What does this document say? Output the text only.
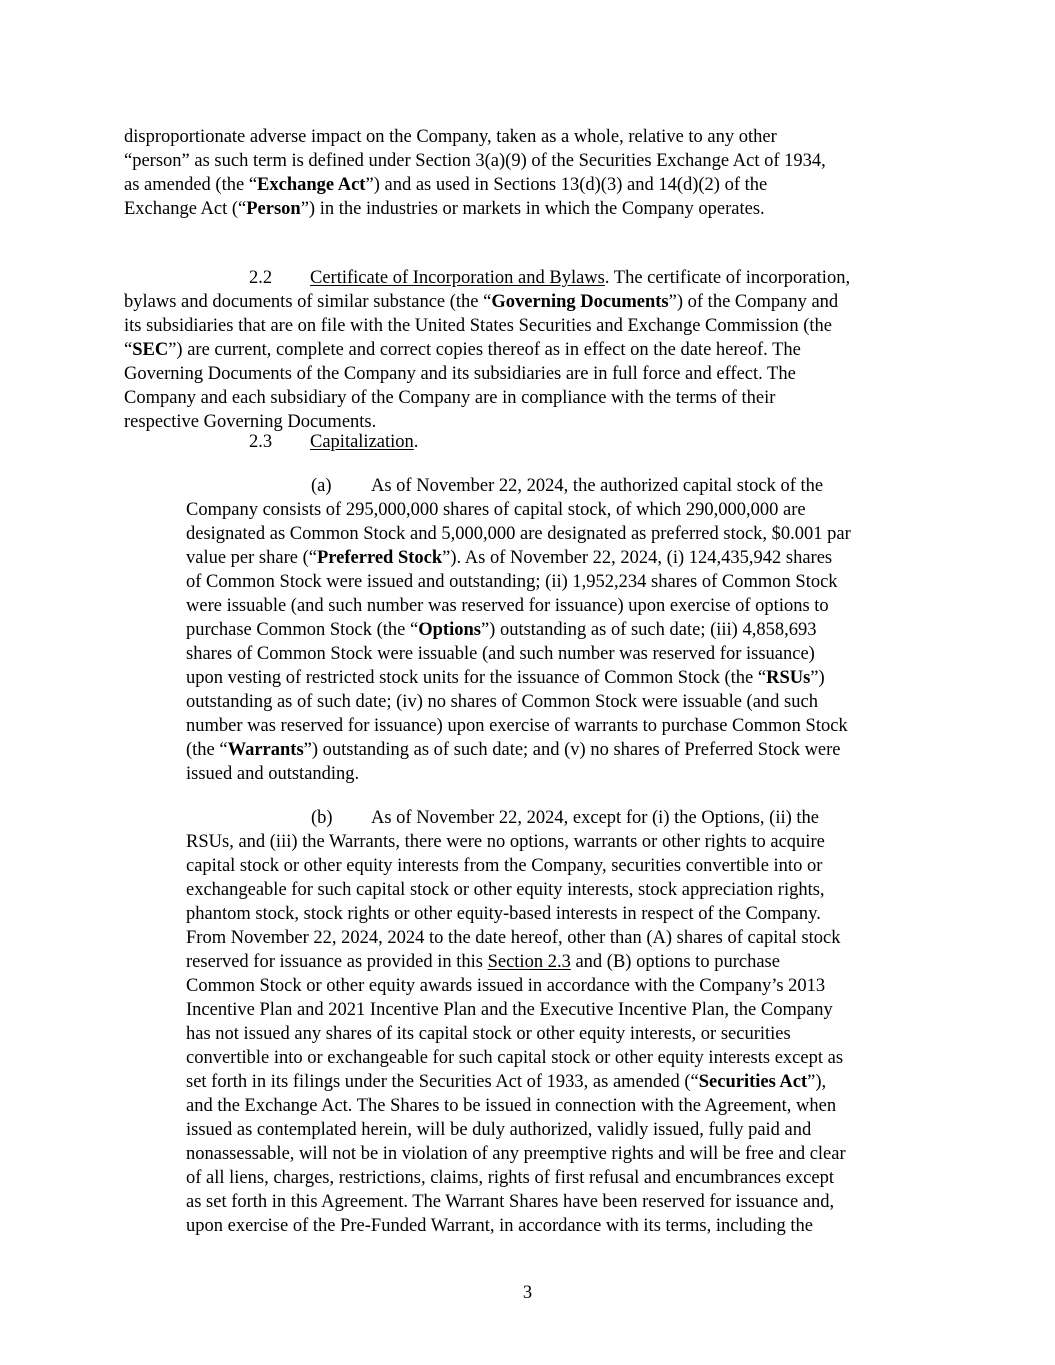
disproportionate adverse impact on the Company, taken as a whole, relative to any other
“person” as such term is defined under Section 3(a)(9) of the Securities Exchange Act of 1934,
as amended (the “Exchange Act”) and as used in Sections 13(d)(3) and 14(d)(2) of the
Exchange Act (“Person”) in the industries or markets in which the Company operates.
2.2 Certificate of Incorporation and Bylaws. The certificate of incorporation,
bylaws and documents of similar substance (the “Governing Documents”) of the Company and
its subsidiaries that are on file with the United States Securities and Exchange Commission (the
“SEC”) are current, complete and correct copies thereof as in effect on the date hereof. The
Governing Documents of the Company and its subsidiaries are in full force and effect. The
Company and each subsidiary of the Company are in compliance with the terms of their
respective Governing Documents.
2.3 Capitalization.
(a) As of November 22, 2024, the authorized capital stock of the
Company consists of 295,000,000 shares of capital stock, of which 290,000,000 are
designated as Common Stock and 5,000,000 are designated as preferred stock, $0.001 par
value per share (“Preferred Stock”). As of November 22, 2024, (i) 124,435,942 shares
of Common Stock were issued and outstanding; (ii) 1,952,234 shares of Common Stock
were issuable (and such number was reserved for issuance) upon exercise of options to
purchase Common Stock (the “Options”) outstanding as of such date; (iii) 4,858,693
shares of Common Stock were issuable (and such number was reserved for issuance)
upon vesting of restricted stock units for the issuance of Common Stock (the “RSUs”)
outstanding as of such date; (iv) no shares of Common Stock were issuable (and such
number was reserved for issuance) upon exercise of warrants to purchase Common Stock
(the “Warrants”) outstanding as of such date; and (v) no shares of Preferred Stock were
issued and outstanding.
(b) As of November 22, 2024, except for (i) the Options, (ii) the
RSUs, and (iii) the Warrants, there were no options, warrants or other rights to acquire
capital stock or other equity interests from the Company, securities convertible into or
exchangeable for such capital stock or other equity interests, stock appreciation rights,
phantom stock, stock rights or other equity-based interests in respect of the Company.
From November 22, 2024, 2024 to the date hereof, other than (A) shares of capital stock
reserved for issuance as provided in this Section 2.3 and (B) options to purchase
Common Stock or other equity awards issued in accordance with the Company’s 2013
Incentive Plan and 2021 Incentive Plan and the Executive Incentive Plan, the Company
has not issued any shares of its capital stock or other equity interests, or securities
convertible into or exchangeable for such capital stock or other equity interests except as
set forth in its filings under the Securities Act of 1933, as amended (“Securities Act”),
and the Exchange Act. The Shares to be issued in connection with the Agreement, when
issued as contemplated herein, will be duly authorized, validly issued, fully paid and
nonassessable, will not be in violation of any preemptive rights and will be free and clear
of all liens, charges, restrictions, claims, rights of first refusal and encumbrances except
as set forth in this Agreement. The Warrant Shares have been reserved for issuance and,
upon exercise of the Pre-Funded Warrant, in accordance with its terms, including the
3
